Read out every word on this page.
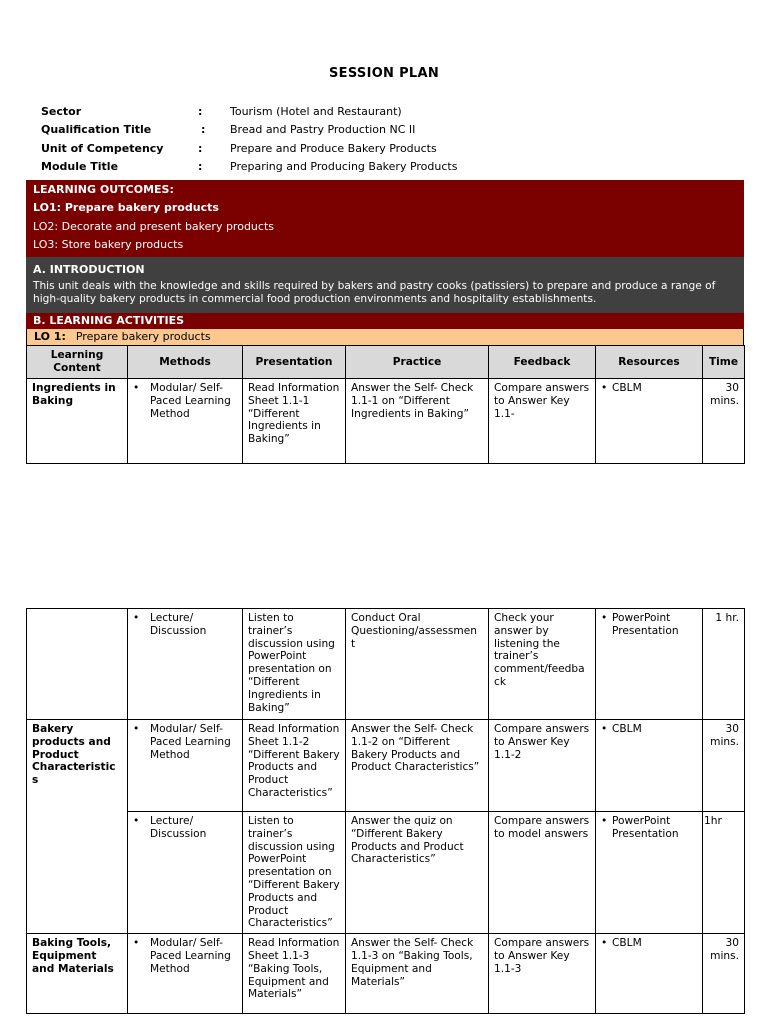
SESSION PLAN
Sector	:	Tourism (Hotel and Restaurant)
Qualification Title	: Bread and Pastry Production NC II
Unit of Competency	:	Prepare and Produce Bakery Products
Module Title	:	Preparing and Producing Bakery Products
LEARNING OUTCOMES:
LO1: Prepare bakery products
LO2: Decorate and present bakery products
LO3: Store bakery products
A. INTRODUCTION
This unit deals with the knowledge and skills required by bakers and pastry cooks (patissiers) to prepare and produce a range of high-quality bakery products in commercial food production environments and hospitality establishments.
B. LEARNING ACTIVITIES
LO 1: Prepare bakery products
Learning Content	Methods	Presentation	Practice	Feedback	Resources	Time
Ingredients in Baking	• Modular/ Self-Paced Learning Method	Read Information Sheet 1.1-1 “Different Ingredients in Baking”	Answer the Self- Check 1.1-1 on “Different Ingredients in Baking”	Compare answers to Answer Key 1.1-	• CBLM	30 mins.

	• Lecture/ Discussion	Listen to trainer’s discussion using PowerPoint presentation on “Different Ingredients in Baking”	Conduct Oral Questioning/assessmen t	Check your answer by listening the trainer’s comment/feedba ck	• PowerPoint Presentation	1 hr.
Bakery products and Product Characteristic s	• Modular/ Self-Paced Learning Method	Read Information Sheet 1.1-2 “Different Bakery Products and Product Characteristics”	Answer the Self- Check 1.1-2 on “Different Bakery Products and Product Characteristics”	Compare answers to Answer Key 1.1-2	• CBLM	30 mins.

	• Lecture/ Discussion	Listen to trainer’s discussion using PowerPoint presentation on “Different Bakery Products and Product Characteristics”	Answer the quiz on “Different Bakery Products and Product Characteristics”	Compare answers to model answers	• PowerPoint Presentation	1hr
Baking Tools, Equipment and Materials	• Modular/ Self-Paced Learning Method	Read Information Sheet 1.1-3 “Baking Tools, Equipment and Materials”	Answer the Self- Check 1.1-3 on “Baking Tools, Equipment and Materials”	Compare answers to Answer Key 1.1-3	• CBLM	30 mins.
